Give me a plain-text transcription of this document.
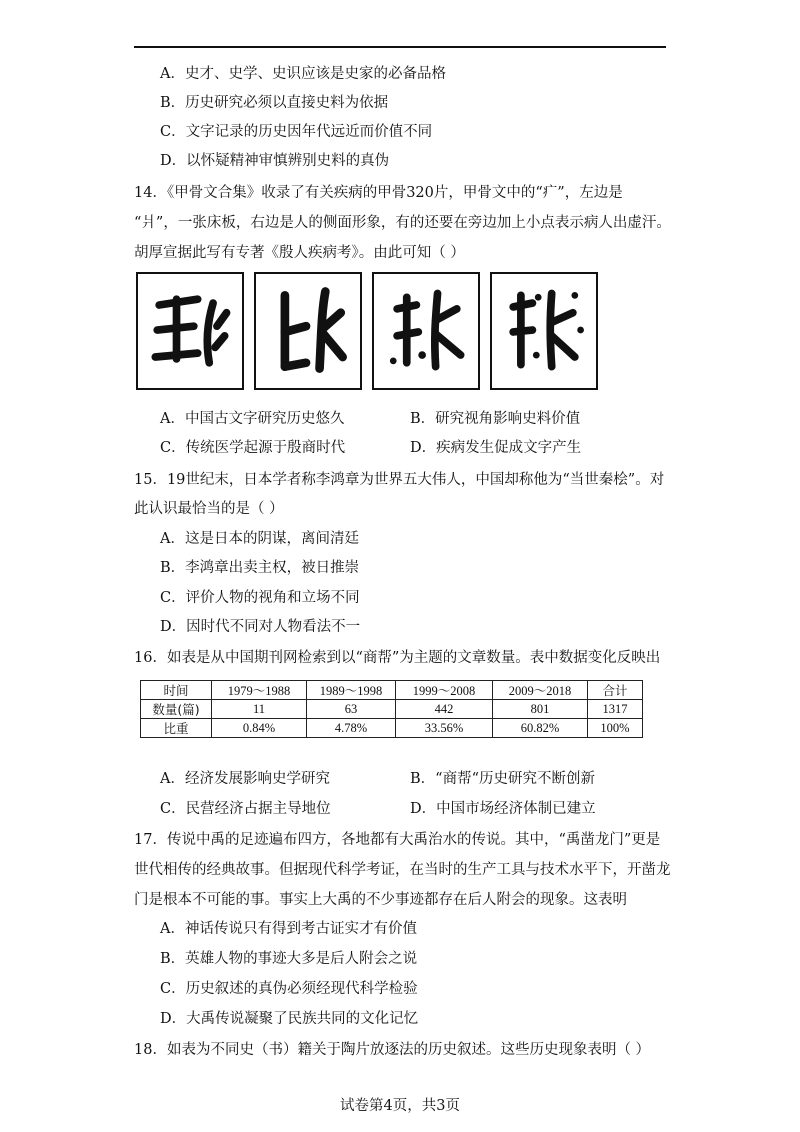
A．史才、史学、史识应该是史家的必备品格
B．历史研究必须以直接史料为依据
C．文字记录的历史因年代远近而价值不同
D．以怀疑精神审慎辨别史料的真伪
14．《甲骨文合集》收录了有关疾病的甲骨320片，甲骨文中的“疒”，左边是
“爿”，一张床板，右边是人的侧面形象，有的还要在旁边加上小点表示病人出虚汗。
胡厚宣据此写有专著《殷人疾病考》。由此可知（ ）
A．中国古文字研究历史悠久	B．研究视角影响史料价值
C．传统医学起源于殷商时代	D．疾病发生促成文字产生
15．19世纪末，日本学者称李鸿章为世界五大伟人，中国却称他为“当世秦桧”。对
此认识最恰当的是（ ）
A．这是日本的阴谋，离间清廷
B．李鸿章出卖主权，被日推崇
C．评价人物的视角和立场不同
D．因时代不同对人物看法不一
16．如表是从中国期刊网检索到以“商帮”为主题的文章数量。表中数据变化反映出
时间	1979～1988	1989～1998	1999～2008	2009～2018	合计
数量(篇)	11	63	442	801	1317
比重	0.84%	4.78%	33.56%	60.82%	100%
A．经济发展影响史学研究	B．“商帮“历史研究不断创新
C．民营经济占据主导地位	D．中国市场经济体制已建立
17．传说中禹的足迹遍布四方，各地都有大禹治水的传说。其中，“禹凿龙门”更是
世代相传的经典故事。但据现代科学考证，在当时的生产工具与技术水平下，开凿龙
门是根本不可能的事。事实上大禹的不少事迹都存在后人附会的现象。这表明
A．神话传说只有得到考古证实才有价值
B．英雄人物的事迹大多是后人附会之说
C．历史叙述的真伪必须经现代科学检验
D．大禹传说凝聚了民族共同的文化记忆
18．如表为不同史（书）籍关于陶片放逐法的历史叙述。这些历史现象表明（ ）
试卷第4页，共3页
